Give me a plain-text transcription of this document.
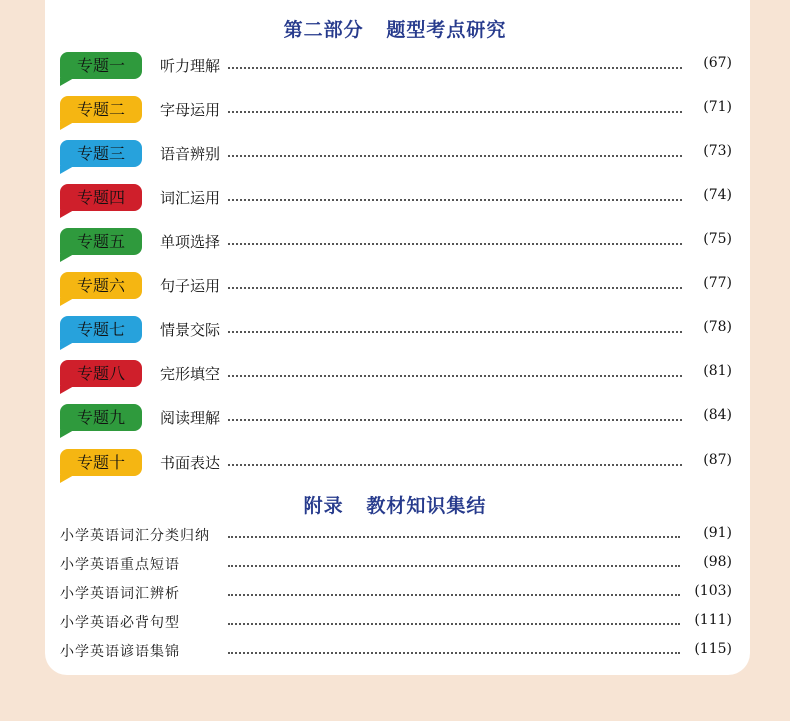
第二部分   题型考点研究
专题一	听力理解	(67)
专题二	字母运用	(71)
专题三	语音辨别	(73)
专题四	词汇运用	(74)
专题五	单项选择	(75)
专题六	句子运用	(77)
专题七	情景交际	(78)
专题八	完形填空	(81)
专题九	阅读理解	(84)
专题十	书面表达	(87)
附录   教材知识集结
小学英语词汇分类归纳	(91)
小学英语重点短语	(98)
小学英语词汇辨析	(103)
小学英语必背句型	(111)
小学英语谚语集锦	(115)
